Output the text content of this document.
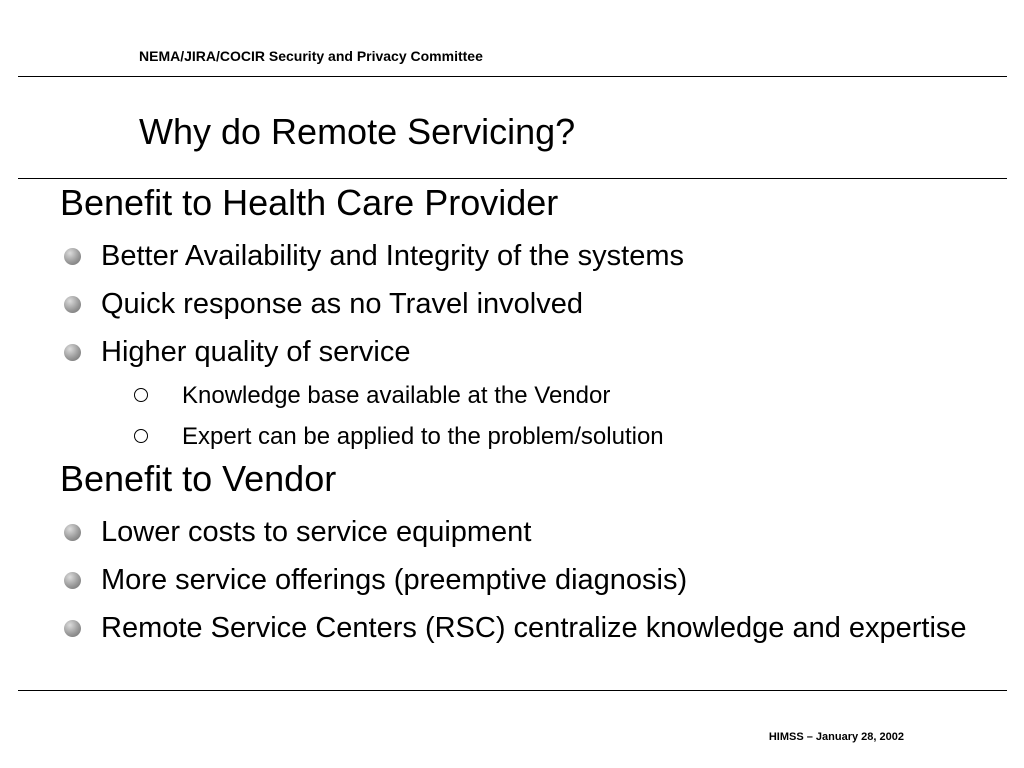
NEMA/JIRA/COCIR Security and Privacy Committee
Why do Remote Servicing?
Benefit to Health Care Provider
Better Availability and Integrity of the systems
Quick response as no Travel involved
Higher quality of service
Knowledge base available at the Vendor
Expert can be applied to the problem/solution
Benefit to Vendor
Lower costs to service equipment
More service offerings (preemptive diagnosis)
Remote Service Centers (RSC) centralize knowledge and expertise
HIMSS – January 28, 2002
